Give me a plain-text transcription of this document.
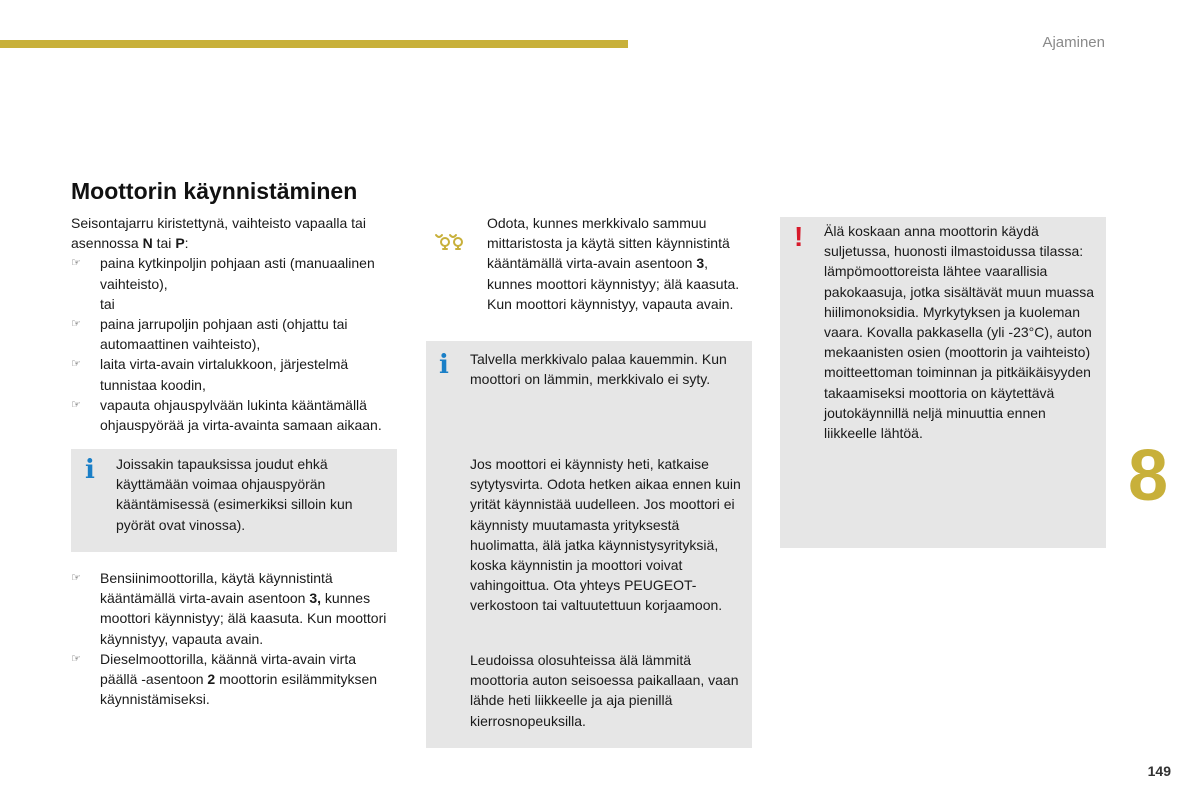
Ajaminen
Moottorin käynnistäminen

Seisontajarru kiristettynä, vaihteisto vapaalla tai asennossa N tai P:

☞ paina kytkinpoljin pohjaan asti (manuaalinen vaihteisto),
tai
☞ paina jarrupoljin pohjaan asti (ohjattu tai automaattinen vaihteisto),
☞ laita virta-avain virtalukkoon, järjestelmä tunnistaa koodin,
☞ vapauta ohjauspylvään lukinta kääntämällä ohjauspyörää ja virta-avainta samaan aikaan.
i Joissakin tapauksissa joudut ehkä käyttämään voimaa ohjauspyörän kääntämisessä (esimerkiksi silloin kun pyörät ovat vinossa).
☞ Bensiinimoottorilla, käytä käynnistintä kääntämällä virta-avain asentoon 3, kunnes moottori käynnistyy; älä kaasuta. Kun moottori käynnistyy, vapauta avain.
☞ Dieselmoottorilla, käännä virta-avain virta päällä -asentoon 2 moottorin esilämmityksen käynnistämiseksi.

Odota, kunnes merkkivalo sammuu mittaristosta ja käytä sitten käynnistintä kääntämällä virta-avain asentoon 3, kunnes moottori käynnistyy; älä kaasuta. Kun moottori käynnistyy, vapauta avain.

i Talvella merkkivalo palaa kauemmin. Kun moottori on lämmin, merkkivalo ei syty.

Jos moottori ei käynnisty heti, katkaise sytytysvirta. Odota hetken aikaa ennen kuin yrität käynnistää uudelleen. Jos moottori ei käynnisty muutamasta yrityksestä huolimatta, älä jatka käynnistysyrityksiä, koska käynnistin ja moottori voivat vahingoittua. Ota yhteys PEUGEOT-verkostoon tai valtuutettuun korjaamoon.

Leudoissa olosuhteissa älä lämmitä moottoria auton seisoessa paikallaan, vaan lähde heti liikkeelle ja aja pienillä kierrosnopeuksilla.

! Älä koskaan anna moottorin käydä suljetussa, huonosti ilmastoidussa tilassa: lämpömoottoreista lähtee vaarallisia pakokaasuja, jotka sisältävät muun muassa hiilimonoksidia. Myrkytyksen ja kuoleman vaara. Kovalla pakkasella (yli -23°C), auton mekaanisten osien (moottorin ja vaihteisto) moitteettoman toiminnan ja pitkäikäisyyden takaamiseksi moottoria on käytettävä joutokäynnillä neljä minuuttia ennen liikkeelle lähtöä.

8
149
